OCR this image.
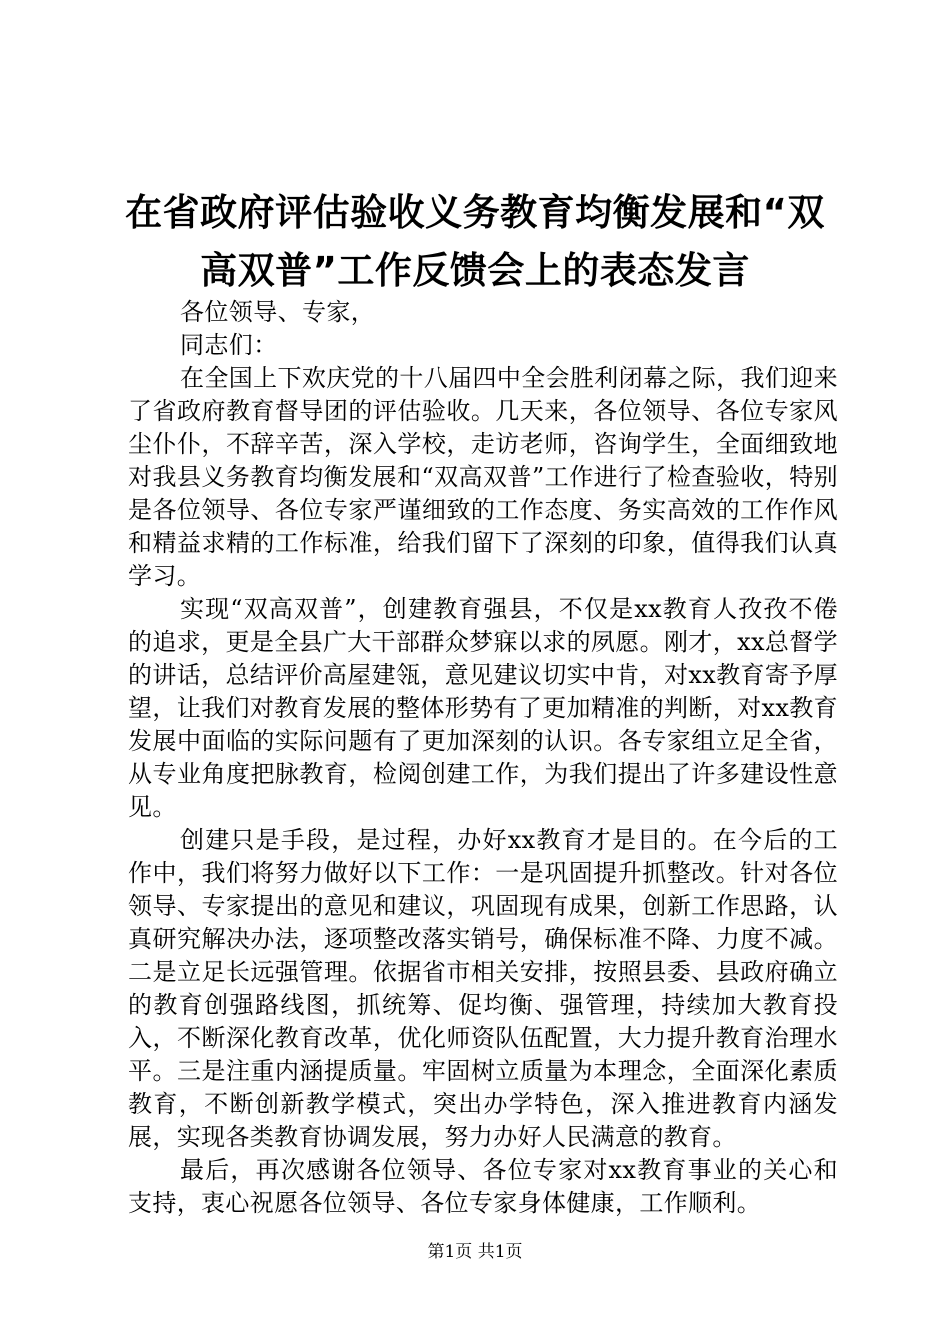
在省政府评估验收义务教育均衡发展和“双高双普”工作反馈会上的表态发言

各位领导、专家，

同志们：

在全国上下欢庆党的十八届四中全会胜利闭幕之际，我们迎来了省政府教育督导团的评估验收。几天来，各位领导、各位专家风尘仆仆，不辞辛苦，深入学校，走访老师，咨询学生，全面细致地对我县义务教育均衡发展和“双高双普”工作进行了检查验收，特别是各位领导、各位专家严谨细致的工作态度、务实高效的工作作风和精益求精的工作标准，给我们留下了深刻的印象，值得我们认真学习。

实现“双高双普”，创建教育强县，不仅是xx教育人孜孜不倦的追求，更是全县广大干部群众梦寐以求的夙愿。刚才，xx总督学的讲话，总结评价高屋建瓴，意见建议切实中肯，对xx教育寄予厚望，让我们对教育发展的整体形势有了更加精准的判断，对xx教育发展中面临的实际问题有了更加深刻的认识。各专家组立足全省，从专业角度把脉教育，检阅创建工作，为我们提出了许多建设性意见。

创建只是手段，是过程，办好xx教育才是目的。在今后的工作中，我们将努力做好以下工作：一是巩固提升抓整改。针对各位领导、专家提出的意见和建议，巩固现有成果，创新工作思路，认真研究解决办法，逐项整改落实销号，确保标准不降、力度不减。二是立足长远强管理。依据省市相关安排，按照县委、县政府确立的教育创强路线图，抓统筹、促均衡、强管理，持续加大教育投入，不断深化教育改革，优化师资队伍配置，大力提升教育治理水平。三是注重内涵提质量。牢固树立质量为本理念，全面深化素质教育，不断创新教学模式，突出办学特色，深入推进教育内涵发展，实现各类教育协调发展，努力办好人民满意的教育。

最后，再次感谢各位领导、各位专家对xx教育事业的关心和支持，衷心祝愿各位领导、各位专家身体健康，工作顺利。

第1页 共1页
